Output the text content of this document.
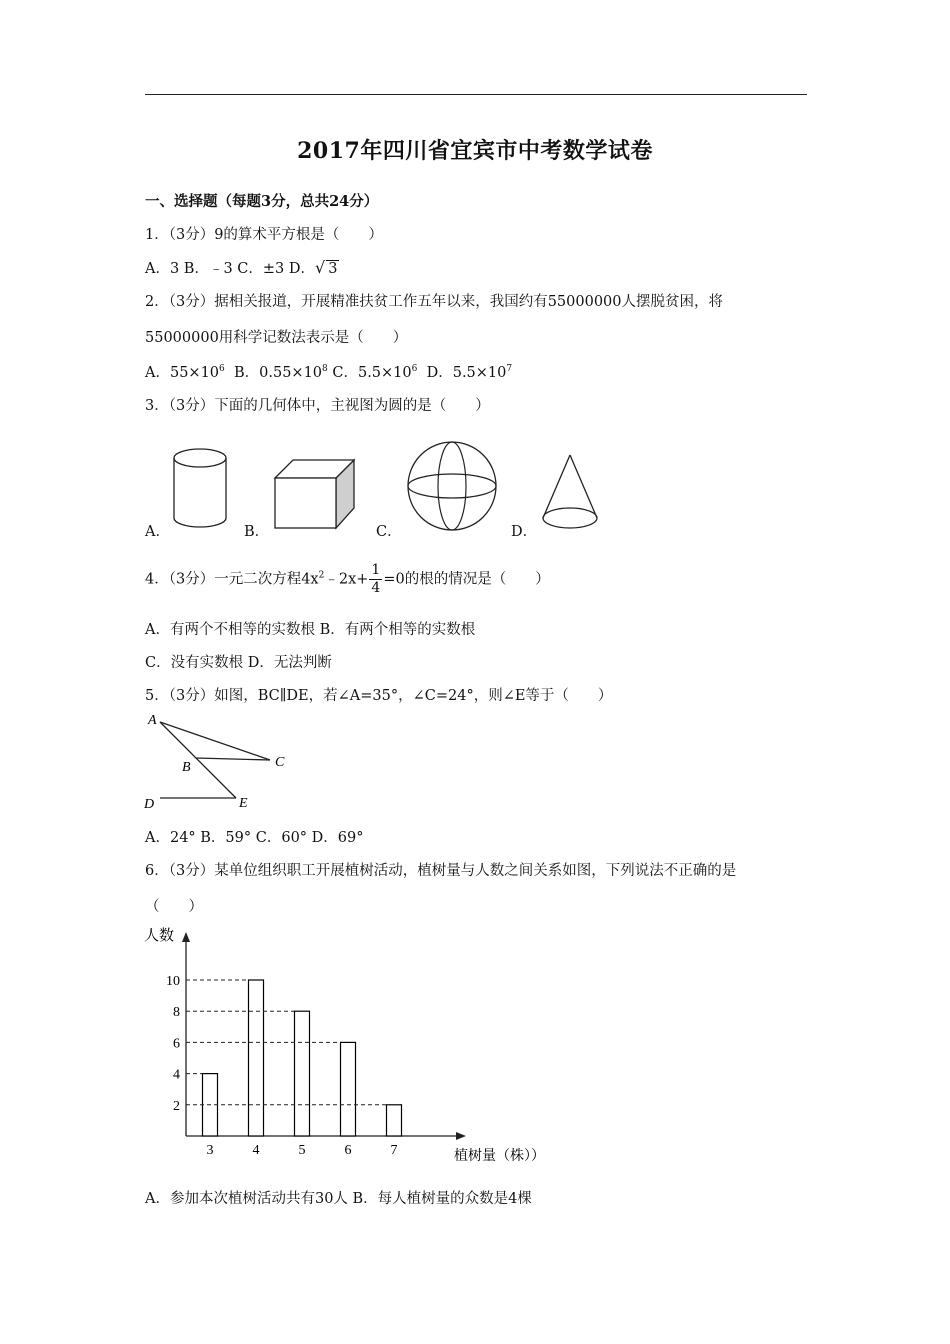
2017年四川省宜宾市中考数学试卷
一、选择题（每题3分，总共24分）
1．（3分）9的算术平方根是（　　）
A．3 B．﹣3 C．±3 D．√ 3
2．（3分）据相关报道，开展精准扶贫工作五年以来，我国约有55000000人摆脱贫困，将
55000000用科学记数法表示是（　　）
A．$55\times 10^6$  B．$0.55\times 10^8$ C．$5.5\times 10^6$  D．$5.5\times 10^7$
3．（3分）下面的几何体中，主视图为圆的是（　　）
A．	B．	C．	D．
4．（3分）一元二次方程$4x^2﹣2x+ \frac{1}{4} =0$的根的情况是（　　）
A．有两个不相等的实数根 B．有两个相等的实数根
C．没有实数根 D．无法判断
5．（3分）如图，BC∥DE，若∠A=35°，∠C=24°，则∠E等于（　　）
A
B	C
D	E
A．24° B．59° C．60° D．69°
6．（3分）某单位组织职工开展植树活动，植树量与人数之间关系如图，下列说法不正确的是
（　　）
2
4
6
8
10
3	4	5	6	7
人数
植树量（株））
A．参加本次植树活动共有30人 B．每人植树量的众数是4棵
